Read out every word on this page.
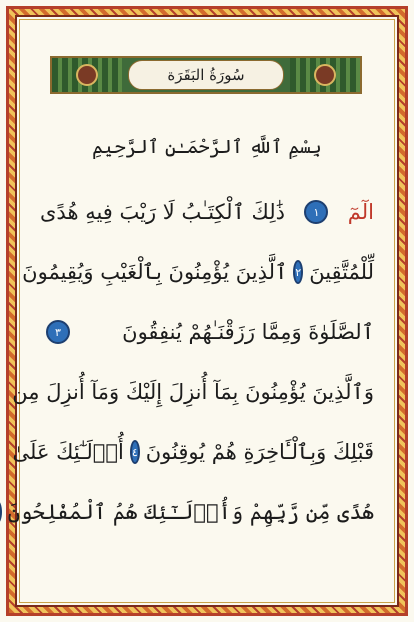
سُورَةُ البَقَرَة
بِسْمِ ٱللَّهِ ٱلرَّحْمَـٰنِ ٱلرَّحِيمِ
الٓمٓ
١
ذَٰلِكَ ٱلْكِتَـٰبُ لَا رَيْبَ فِيهِ هُدًى
لِّلْمُتَّقِينَ
٢
ٱلَّذِينَ يُؤْمِنُونَ بِٱلْغَيْبِ وَيُقِيمُونَ
ٱلصَّلَوٰةَ وَمِمَّا رَزَقْنَـٰهُمْ يُنفِقُونَ
٣
وَٱلَّذِينَ يُؤْمِنُونَ بِمَآ أُنزِلَ إِلَيْكَ وَمَآ أُنزِلَ مِن
قَبْلِكَ وَبِٱلْـَٔاخِرَةِ هُمْ يُوقِنُونَ
٤
أُو۟لَـٰٓئِكَ عَلَىٰ
هُدًى مِّن رَّبِّهِمْ وَأُو۟لَـٰٓئِكَ هُمُ ٱلْمُفْلِحُونَ
